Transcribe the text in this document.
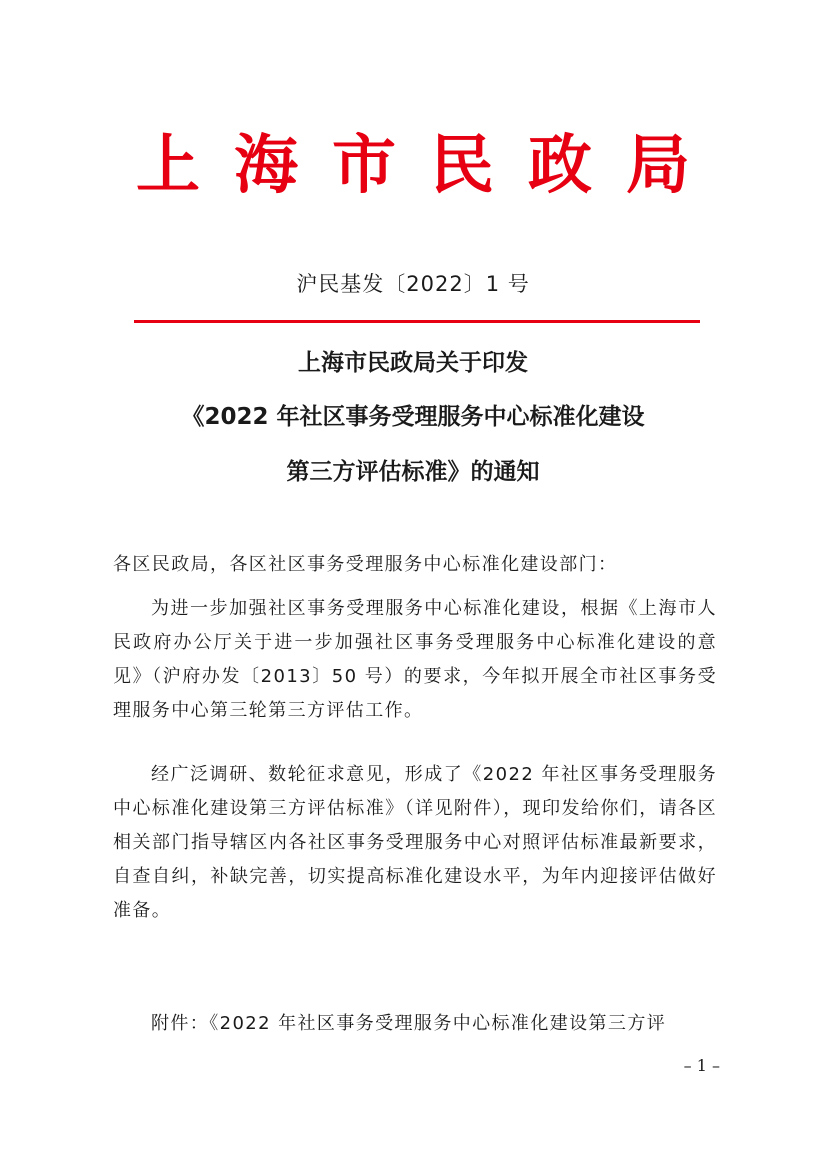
上海市民政局
沪民基发〔2022〕1 号
上海市民政局关于印发
《2022 年社区事务受理服务中心标准化建设
第三方评估标准》的通知

各区民政局，各区社区事务受理服务中心标准化建设部门：

为进一步加强社区事务受理服务中心标准化建设，根据《上海市人民政府办公厅关于进一步加强社区事务受理服务中心标准化建设的意见》（沪府办发〔2013〕50 号）的要求，今年拟开展全市社区事务受理服务中心第三轮第三方评估工作。

经广泛调研、数轮征求意见，形成了《2022 年社区事务受理服务中心标准化建设第三方评估标准》（详见附件），现印发给你们，请各区相关部门指导辖区内各社区事务受理服务中心对照评估标准最新要求，自查自纠，补缺完善，切实提高标准化建设水平，为年内迎接评估做好准备。

附件：《2022 年社区事务受理服务中心标准化建设第三方评

– 1 –
